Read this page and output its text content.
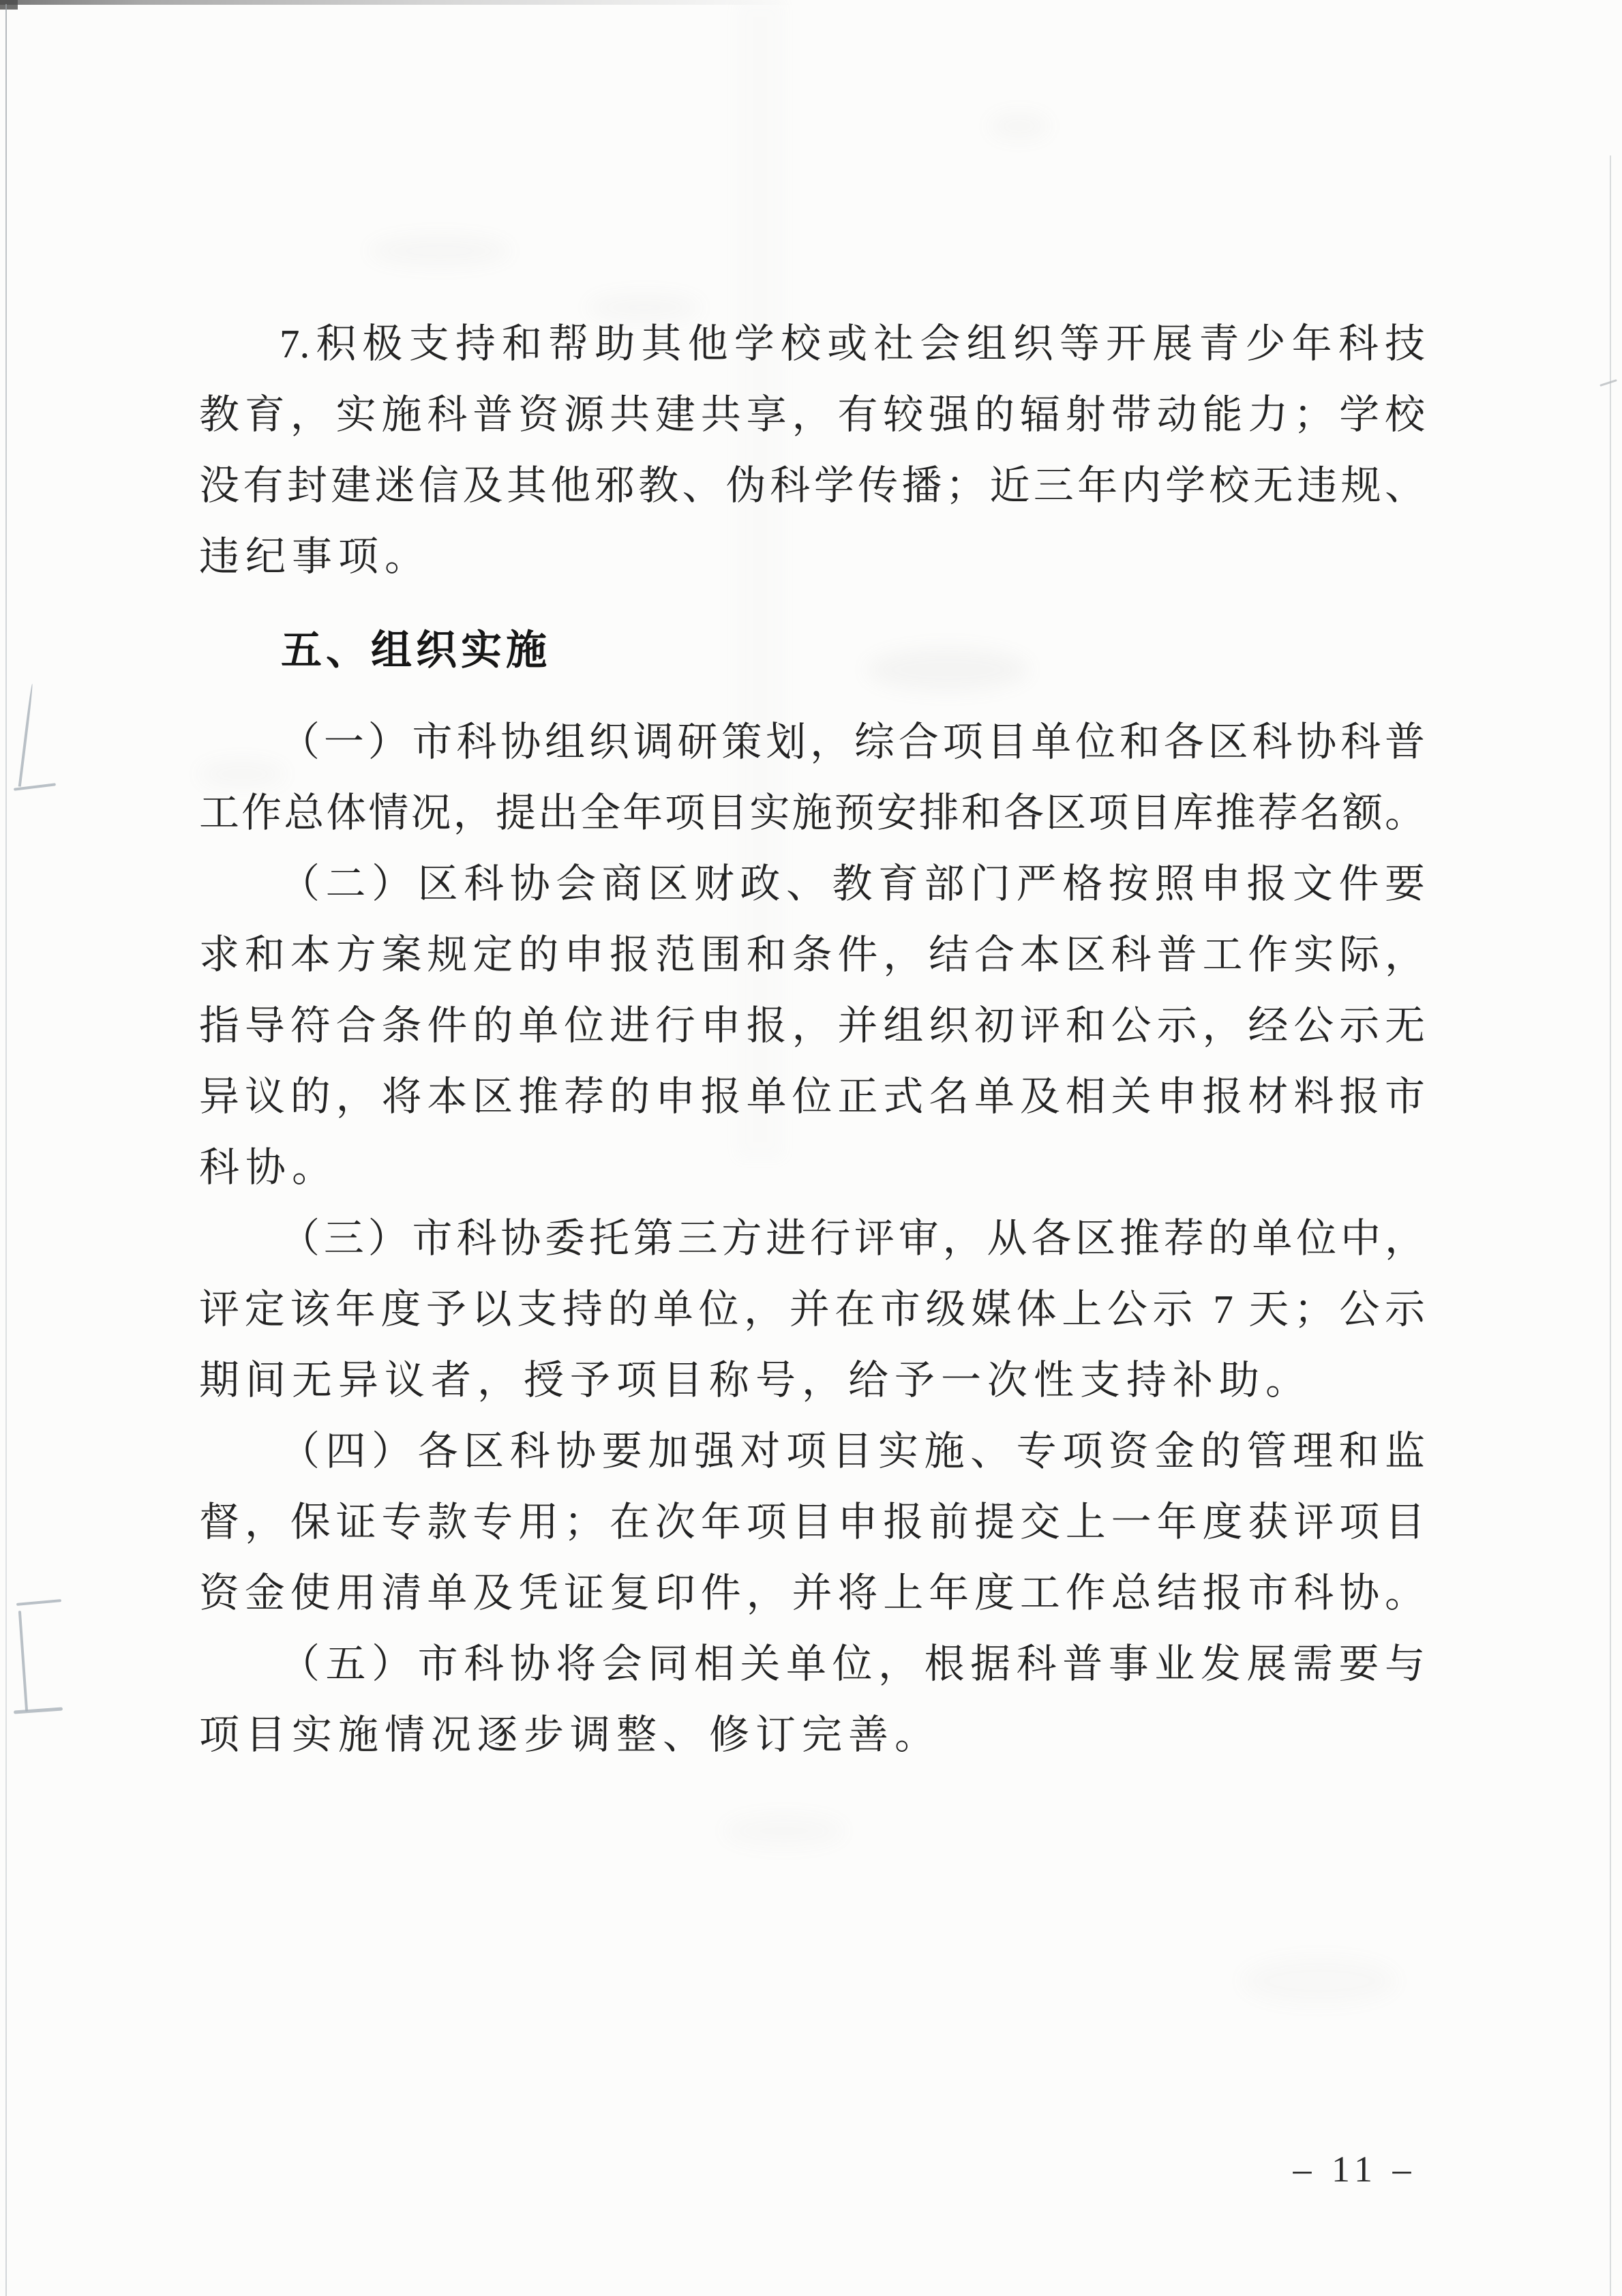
7.积极支持和帮助其他学校或社会组织等开展青少年科技
教育，实施科普资源共建共享，有较强的辐射带动能力；学校
没有封建迷信及其他邪教、伪科学传播；近三年内学校无违规、
违纪事项。
五、组织实施
（一）市科协组织调研策划，综合项目单位和各区科协科普
工作总体情况，提出全年项目实施预安排和各区项目库推荐名额。
（二）区科协会商区财政、教育部门严格按照申报文件要
求和本方案规定的申报范围和条件，结合本区科普工作实际，
指导符合条件的单位进行申报，并组织初评和公示，经公示无
异议的，将本区推荐的申报单位正式名单及相关申报材料报市
科协。
（三）市科协委托第三方进行评审，从各区推荐的单位中，
评定该年度予以支持的单位，并在市级媒体上公示 7 天；公示
期间无异议者，授予项目称号，给予一次性支持补助。
（四）各区科协要加强对项目实施、专项资金的管理和监
督，保证专款专用；在次年项目申报前提交上一年度获评项目
资金使用清单及凭证复印件，并将上年度工作总结报市科协。
（五）市科协将会同相关单位，根据科普事业发展需要与
项目实施情况逐步调整、修订完善。
– 11 –
